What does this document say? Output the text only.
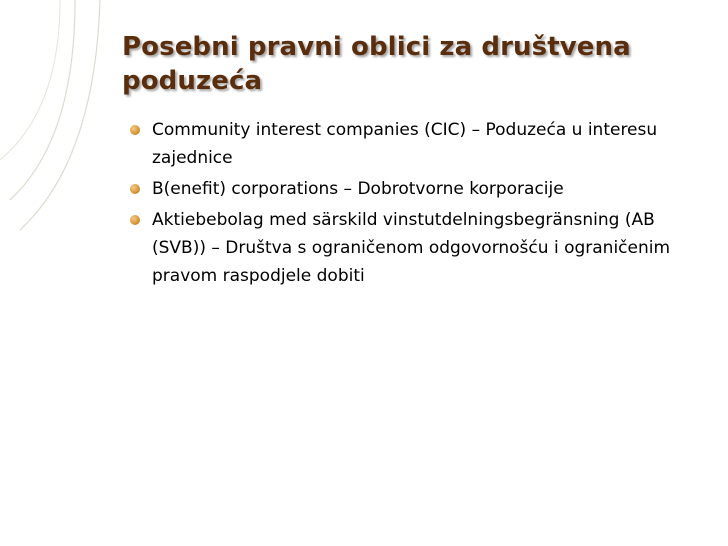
Posebni pravni oblici za društvena poduzeća
Community interest companies (CIC) – Poduzeća u interesu zajednice
B(enefit) corporations – Dobrotvorne korporacije
Aktiebebolag med särskild vinstutdelningsbegränsning (AB (SVB)) – Društva s ograničenom odgovornošću i ograničenim pravom raspodjele dobiti
